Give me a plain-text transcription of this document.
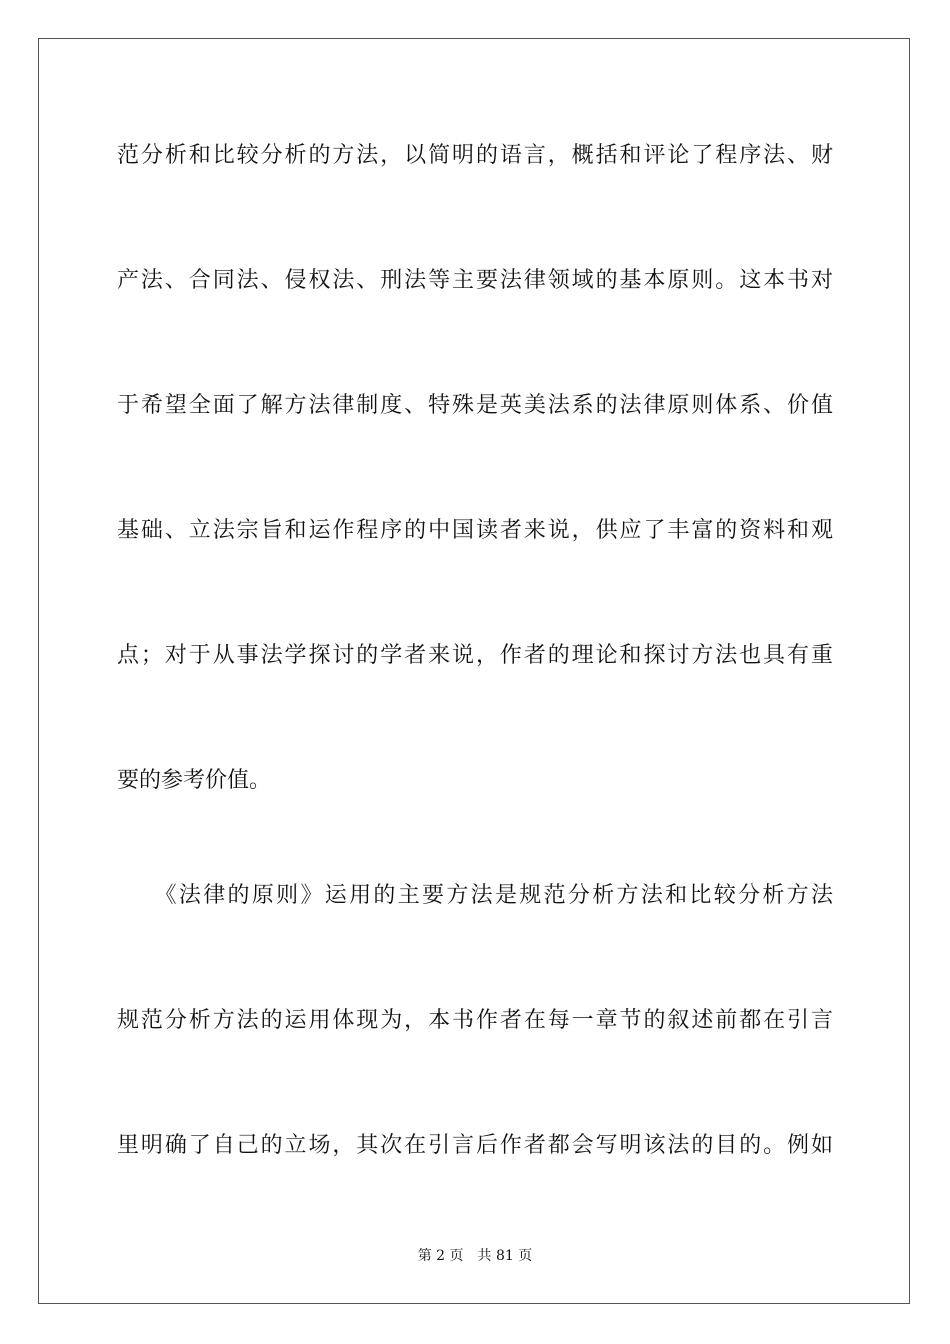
范分析和比较分析的方法，以简明的语言，概括和评论了程序法、财

产法、合同法、侵权法、刑法等主要法律领域的基本原则。这本书对

于希望全面了解方法律制度、特殊是英美法系的法律原则体系、价值

基础、立法宗旨和运作程序的中国读者来说，供应了丰富的资料和观

点；对于从事法学探讨的学者来说，作者的理论和探讨方法也具有重

要的参考价值。

　　《法律的原则》运用的主要方法是规范分析方法和比较分析方法

规范分析方法的运用体现为，本书作者在每一章节的叙述前都在引言

里明确了自己的立场，其次在引言后作者都会写明该法的目的。例如

第 2 页　共 81 页
